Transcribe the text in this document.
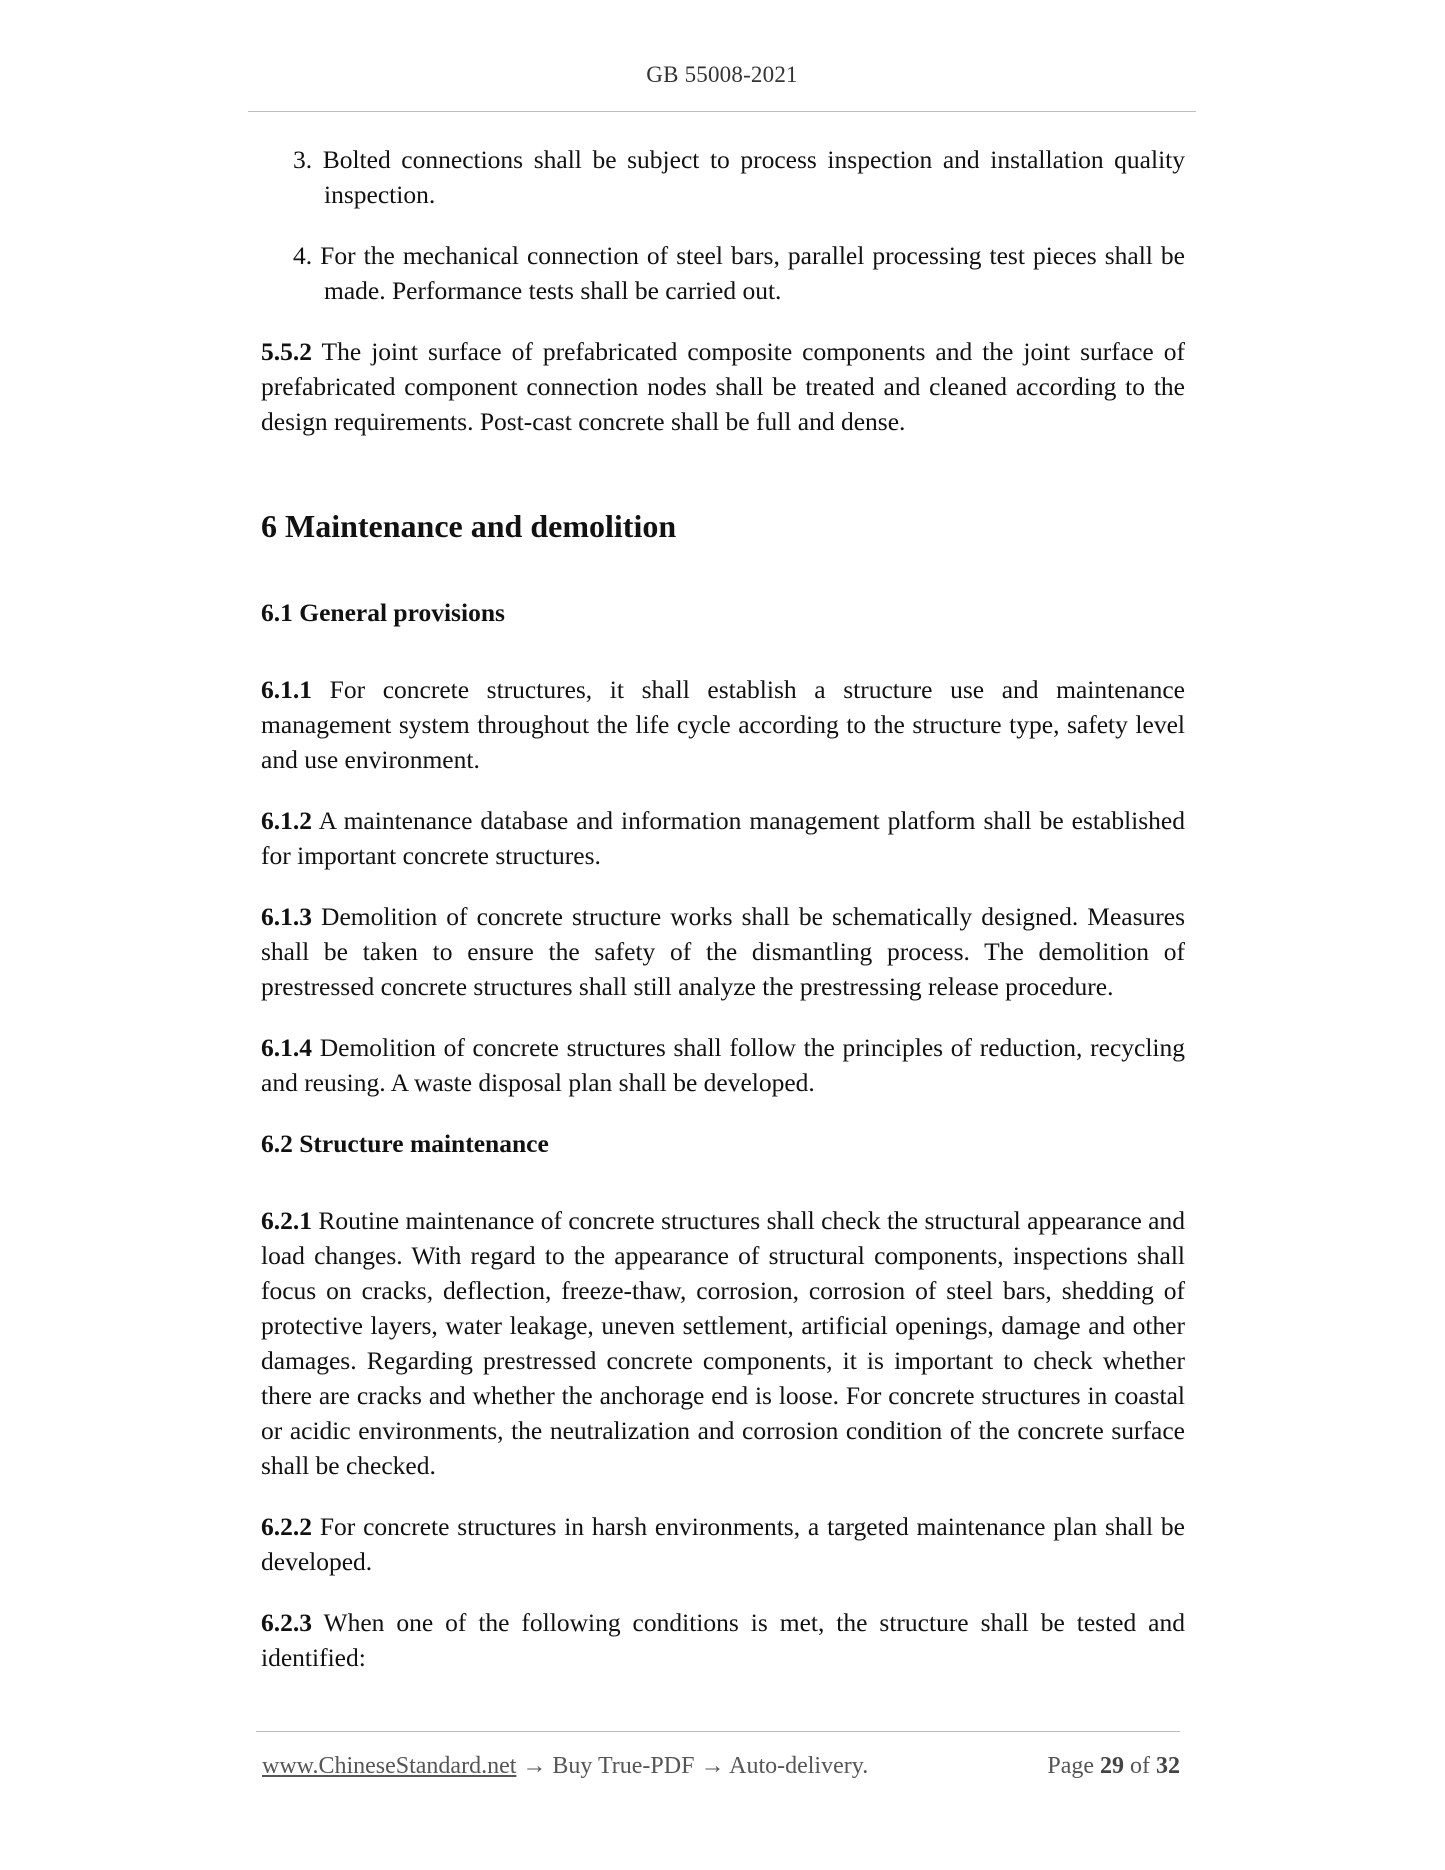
GB 55008-2021
3. Bolted connections shall be subject to process inspection and installation quality inspection.
4. For the mechanical connection of steel bars, parallel processing test pieces shall be made. Performance tests shall be carried out.

5.5.2 The joint surface of prefabricated composite components and the joint surface of prefabricated component connection nodes shall be treated and cleaned according to the design requirements. Post-cast concrete shall be full and dense.

6 Maintenance and demolition
6.1 General provisions

6.1.1 For concrete structures, it shall establish a structure use and maintenance management system throughout the life cycle according to the structure type, safety level and use environment.

6.1.2 A maintenance database and information management platform shall be established for important concrete structures.

6.1.3 Demolition of concrete structure works shall be schematically designed. Measures shall be taken to ensure the safety of the dismantling process. The demolition of prestressed concrete structures shall still analyze the prestressing release procedure.

6.1.4 Demolition of concrete structures shall follow the principles of reduction, recycling and reusing. A waste disposal plan shall be developed.

6.2 Structure maintenance

6.2.1 Routine maintenance of concrete structures shall check the structural appearance and load changes. With regard to the appearance of structural components, inspections shall focus on cracks, deflection, freeze-thaw, corrosion, corrosion of steel bars, shedding of protective layers, water leakage, uneven settlement, artificial openings, damage and other damages. Regarding prestressed concrete components, it is important to check whether there are cracks and whether the anchorage end is loose. For concrete structures in coastal or acidic environments, the neutralization and corrosion condition of the concrete surface shall be checked.

6.2.2 For concrete structures in harsh environments, a targeted maintenance plan shall be developed.

6.2.3 When one of the following conditions is met, the structure shall be tested and identified:

www.ChineseStandard.net → Buy True-PDF → Auto-delivery.	Page 29 of 32
